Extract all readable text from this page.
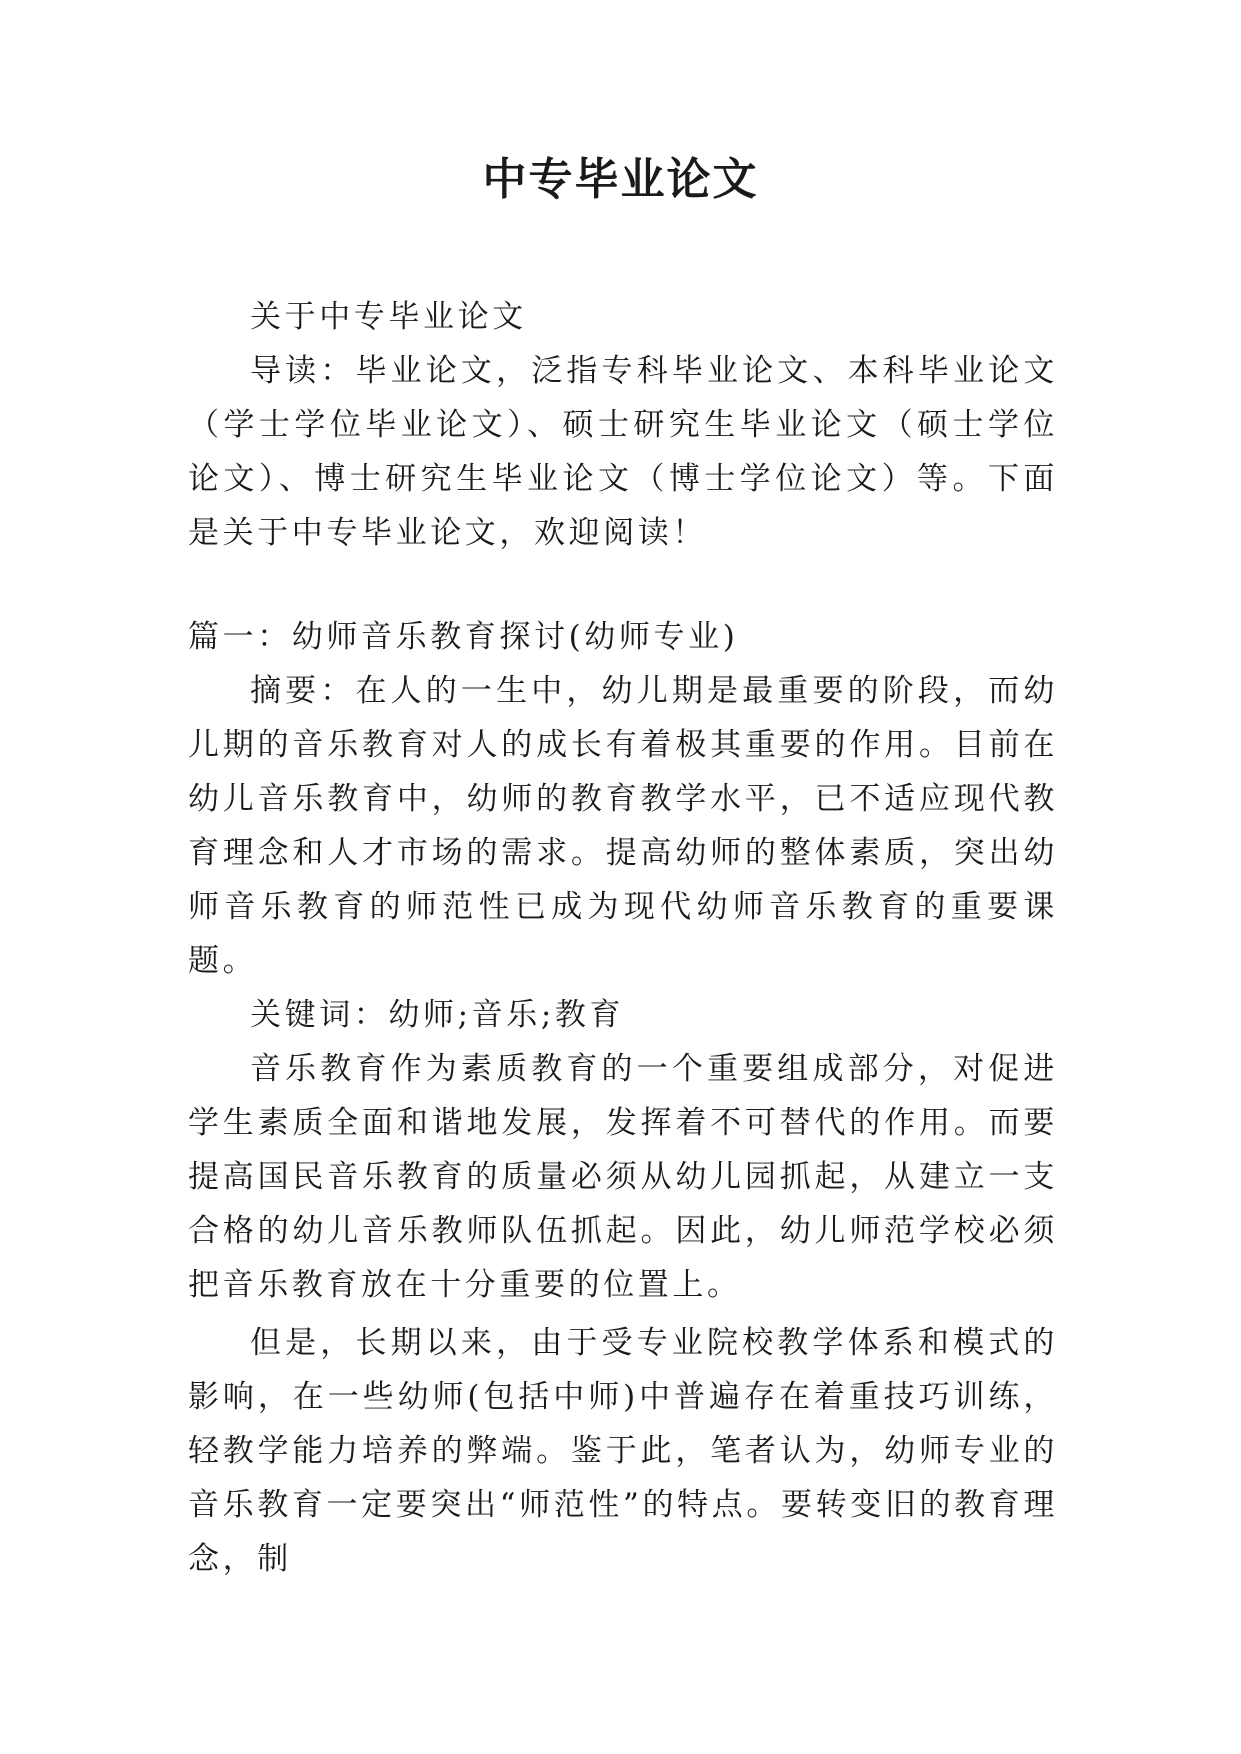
中专毕业论文

关于中专毕业论文

导读：毕业论文，泛指专科毕业论文、本科毕业论文（学士学位毕业论文）、硕士研究生毕业论文（硕士学位论文）、博士研究生毕业论文（博士学位论文）等。下面是关于中专毕业论文，欢迎阅读！

篇一：幼师音乐教育探讨(幼师专业)

摘要：在人的一生中，幼儿期是最重要的阶段，而幼儿期的音乐教育对人的成长有着极其重要的作用。目前在幼儿音乐教育中，幼师的教育教学水平，已不适应现代教育理念和人才市场的需求。提高幼师的整体素质，突出幼师音乐教育的师范性已成为现代幼师音乐教育的重要课题。

关键词：幼师;音乐;教育

音乐教育作为素质教育的一个重要组成部分，对促进学生素质全面和谐地发展，发挥着不可替代的作用。而要提高国民音乐教育的质量必须从幼儿园抓起，从建立一支合格的幼儿音乐教师队伍抓起。因此，幼儿师范学校必须把音乐教育放在十分重要的位置上。

但是，长期以来，由于受专业院校教学体系和模式的影响，在一些幼师(包括中师)中普遍存在着重技巧训练，轻教学能力培养的弊端。鉴于此，笔者认为，幼师专业的音乐教育一定要突出“师范性”的特点。要转变旧的教育理念，制
